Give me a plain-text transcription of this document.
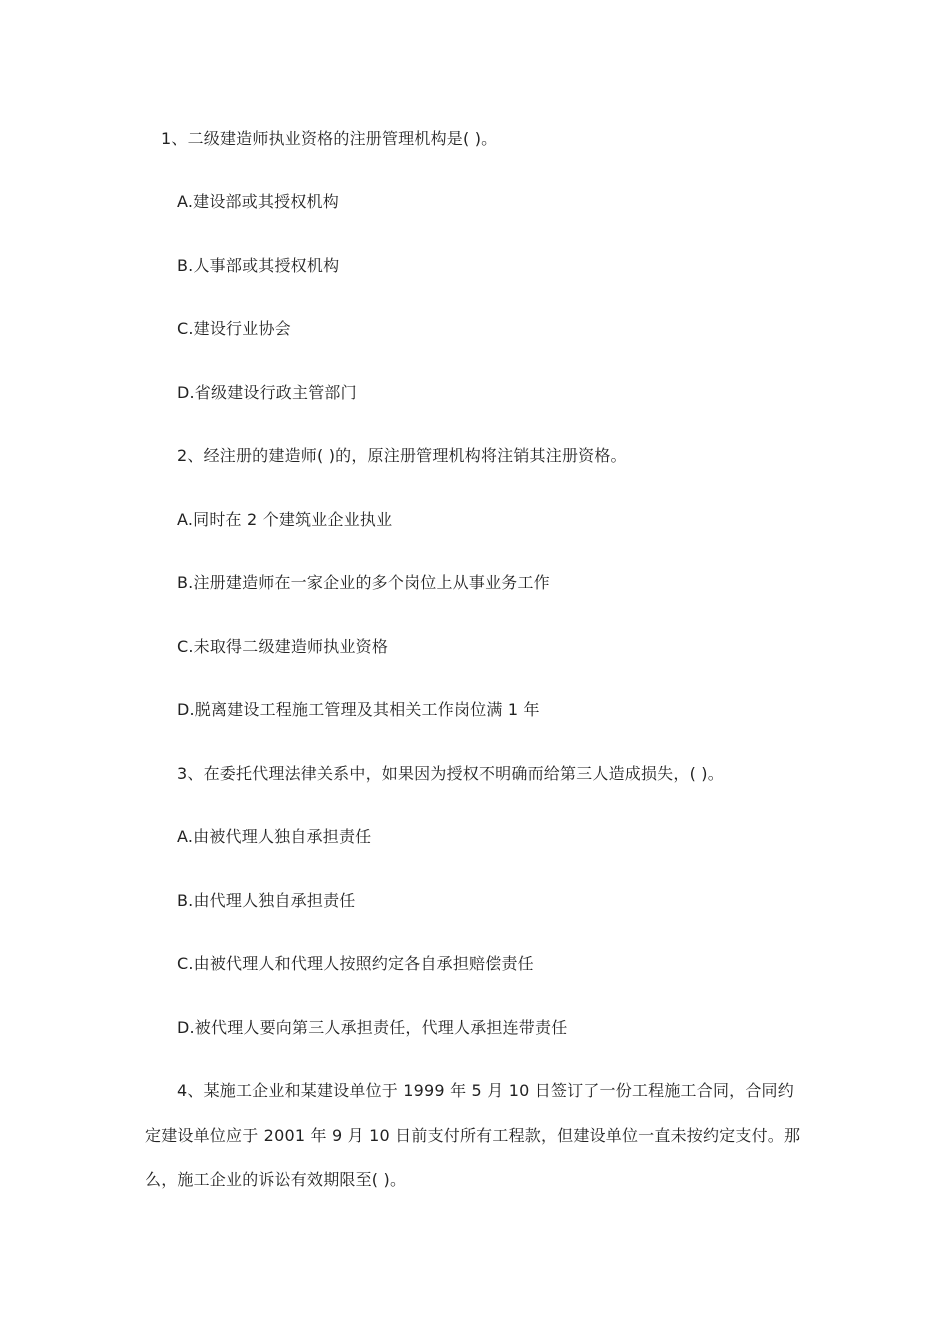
1、二级建造师执业资格的注册管理机构是( )。
A.建设部或其授权机构
B.人事部或其授权机构
C.建设行业协会
D.省级建设行政主管部门
2、经注册的建造师( )的，原注册管理机构将注销其注册资格。
A.同时在 2 个建筑业企业执业
B.注册建造师在一家企业的多个岗位上从事业务工作
C.未取得二级建造师执业资格
D.脱离建设工程施工管理及其相关工作岗位满 1 年
3、在委托代理法律关系中，如果因为授权不明确而给第三人造成损失，( )。
A.由被代理人独自承担责任
B.由代理人独自承担责任
C.由被代理人和代理人按照约定各自承担赔偿责任
D.被代理人要向第三人承担责任，代理人承担连带责任
4、某施工企业和某建设单位于 1999 年 5 月 10 日签订了一份工程施工合同，合同约
定建设单位应于 2001 年 9 月 10 日前支付所有工程款，但建设单位一直未按约定支付。那
么，施工企业的诉讼有效期限至( )。
